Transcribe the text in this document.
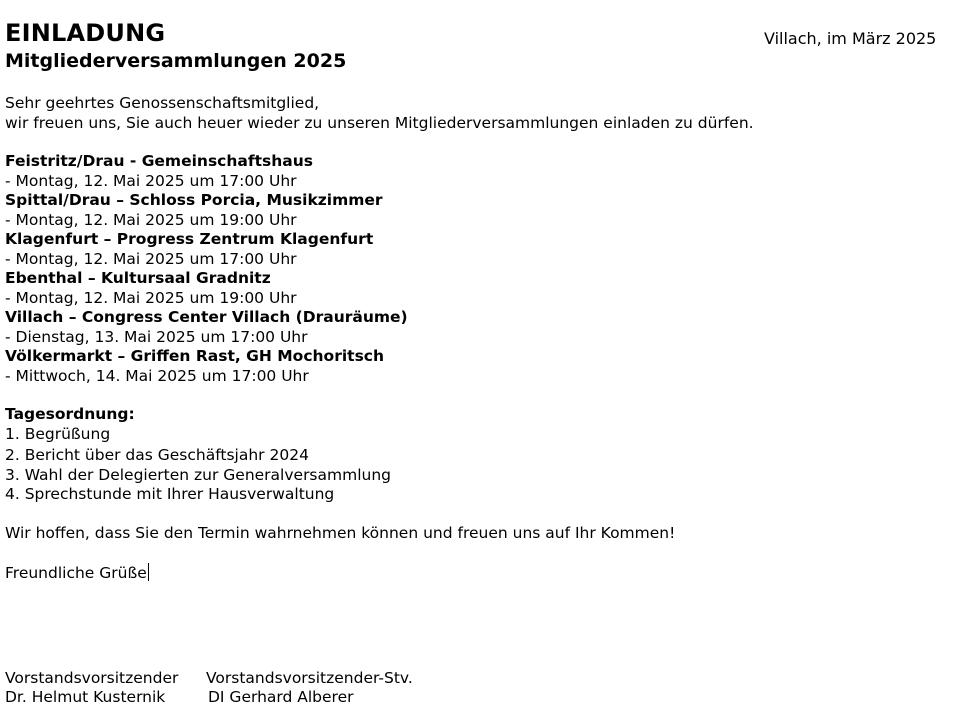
EINLADUNG
Mitgliederversammlungen 2025
Villach, im März 2025
Sehr geehrtes Genossenschaftsmitglied,
wir freuen uns, Sie auch heuer wieder zu unseren Mitgliederversammlungen einladen zu dürfen.
Feistritz/Drau - Gemeinschaftshaus
- Montag, 12. Mai 2025 um 17:00 Uhr
Spittal/Drau – Schloss Porcia, Musikzimmer
- Montag, 12. Mai 2025 um 19:00 Uhr
Klagenfurt – Progress Zentrum Klagenfurt
- Montag, 12. Mai 2025 um 17:00 Uhr
Ebenthal – Kultursaal Gradnitz
- Montag, 12. Mai 2025 um 19:00 Uhr
Villach – Congress Center Villach (Drauräume)
- Dienstag, 13. Mai 2025 um 17:00 Uhr
Völkermarkt – Griffen Rast, GH Mochoritsch
- Mittwoch, 14. Mai 2025 um 17:00 Uhr
Tagesordnung:
1. Begrüßung
2. Bericht über das Geschäftsjahr 2024
3. Wahl der Delegierten zur Generalversammlung
4. Sprechstunde mit Ihrer Hausverwaltung
Wir hoffen, dass Sie den Termin wahrnehmen können und freuen uns auf Ihr Kommen!
Freundliche Grüße
Vorstandsvorsitzender
Dr. Helmut Kusternik
Vorstandsvorsitzender-Stv.
DI Gerhard Alberer
